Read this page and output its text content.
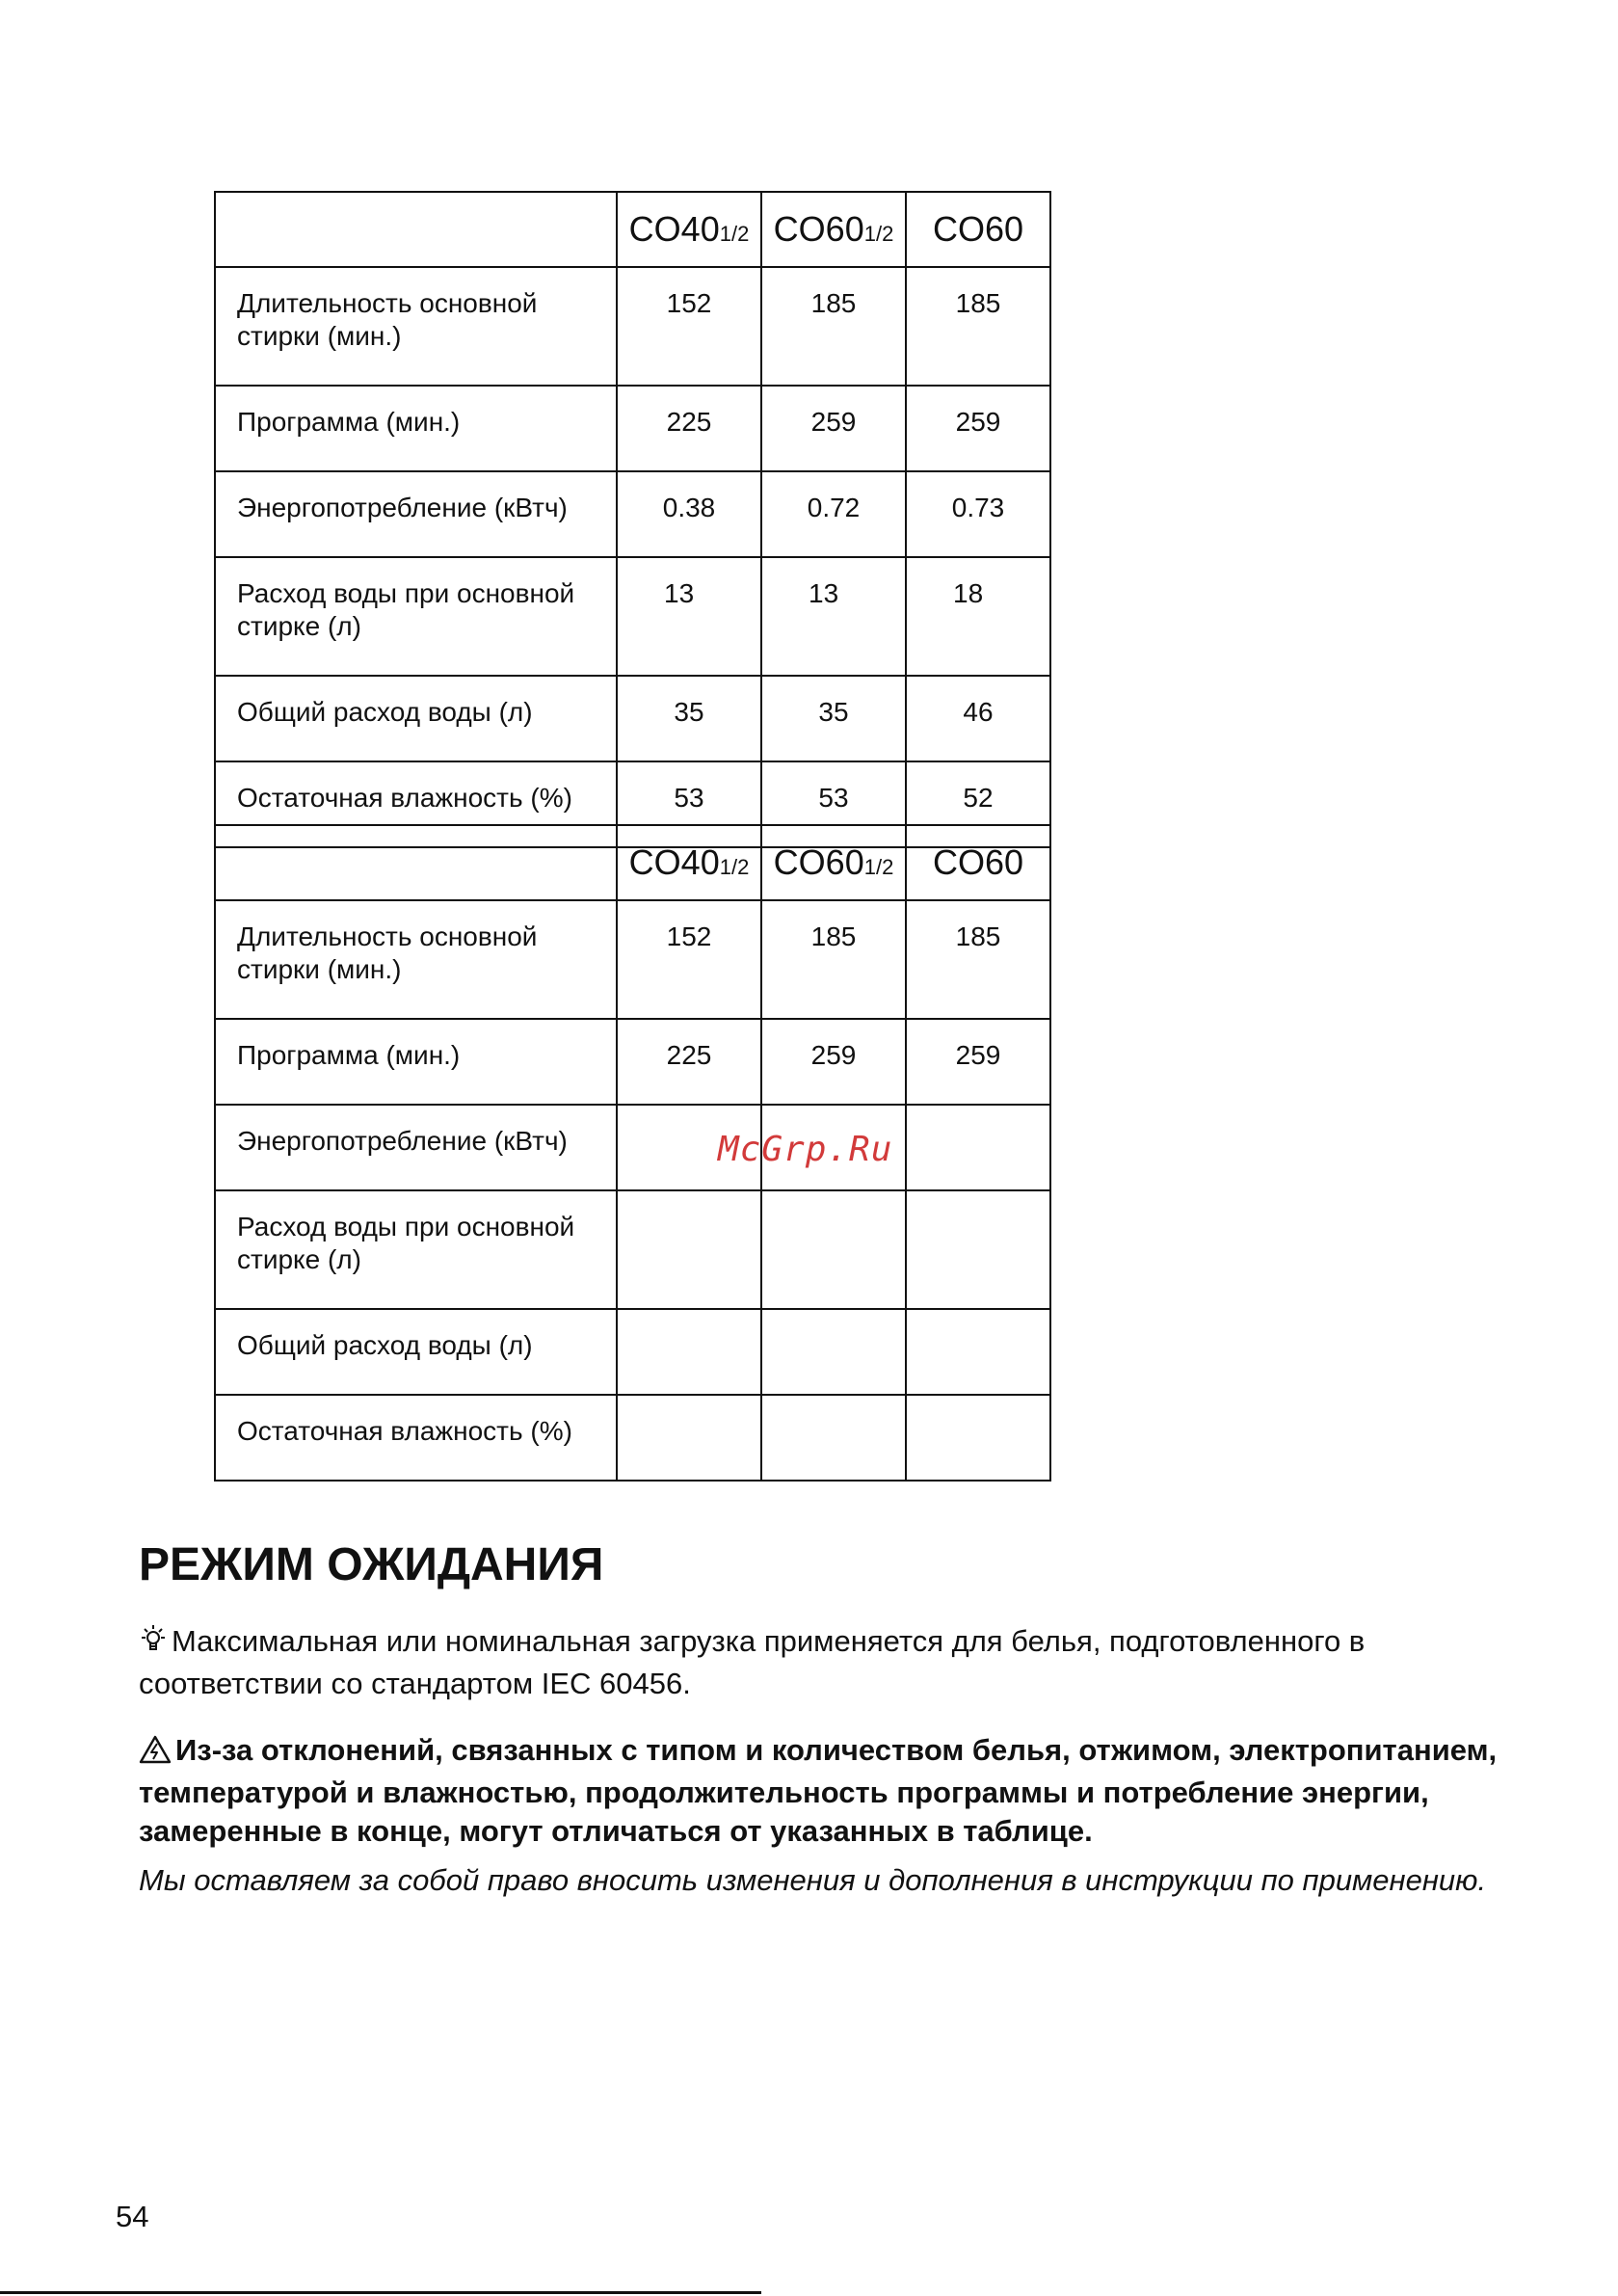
	CO401/2	CO601/2	CO60
Длительность основной стирки (мин.)	152	185	185
Программа (мин.)	225	259	259
Энергопотребление (кВтч)	0.38	0.72	0.73
Расход воды при основной стирке (л)	13	13	18
Общий расход воды (л)	35	35	46
Остаточная влажность (%)	53	53	52
	CO401/2	CO601/2	CO60
Длительность основной стирки (мин.)	152	185	185
Программа (мин.)	225	259	259
Энергопотребление (кВтч)			
Расход воды при основной стирке (л)			
Общий расход воды (л)			
Остаточная влажность (%)			
McGrp.Ru
РЕЖИМ ОЖИДАНИЯ

Максимальная или номинальная загрузка применяется для белья, подготовленного в соответствии со стандартом IEC 60456.

Из-за отклонений, связанных с типом и количеством белья, отжимом, электропитанием, температурой и влажностью, продолжительность программы и потребление энергии, замеренные в конце, могут отличаться от указанных в таблице.

Мы оставляем за собой право вносить изменения и дополнения в инструкции по применению.

54
